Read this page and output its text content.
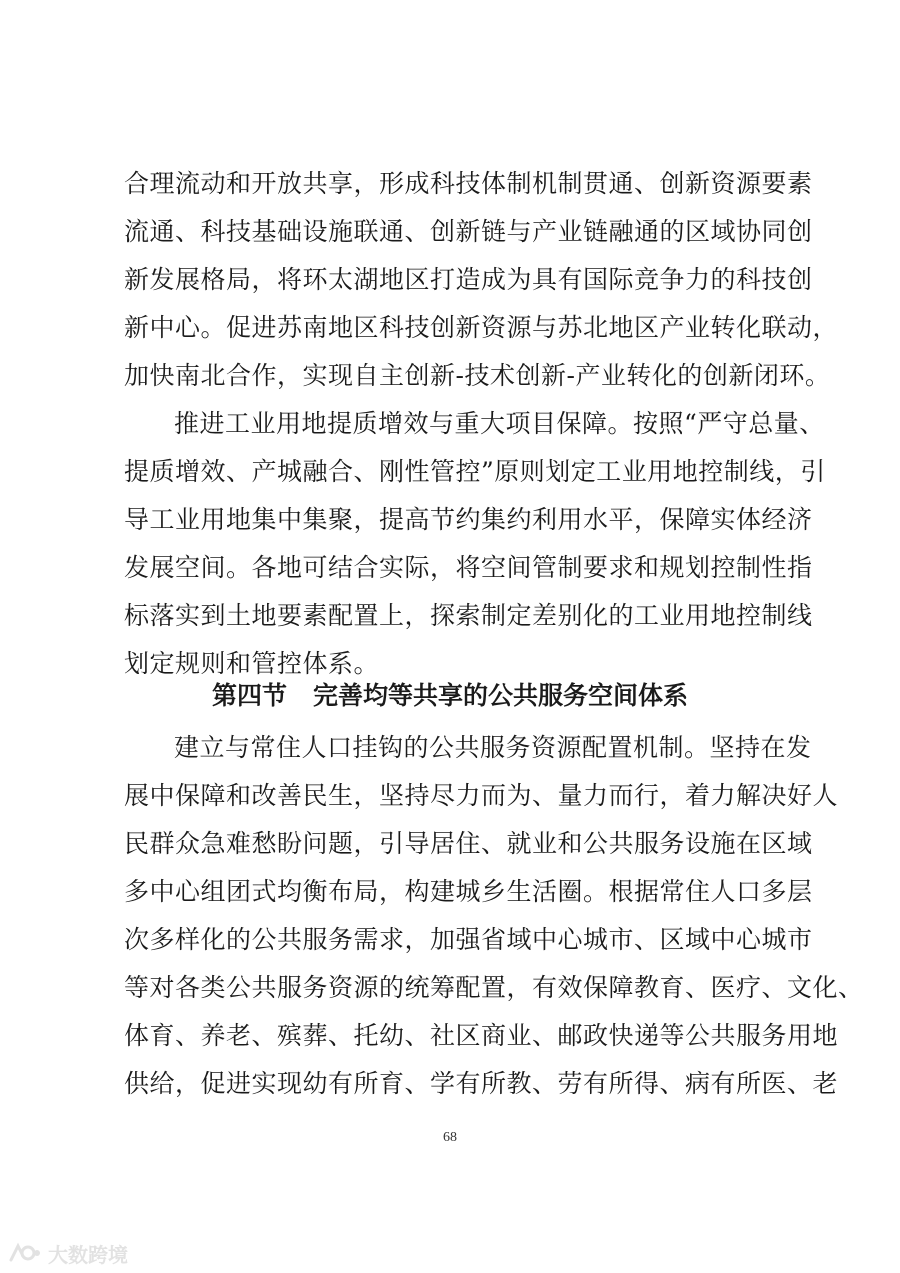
合理流动和开放共享，形成科技体制机制贯通、创新资源要素
流通、科技基础设施联通、创新链与产业链融通的区域协同创
新发展格局，将环太湖地区打造成为具有国际竞争力的科技创
新中心。促进苏南地区科技创新资源与苏北地区产业转化联动，
加快南北合作，实现自主创新-技术创新-产业转化的创新闭环。
推进工业用地提质增效与重大项目保障。按照“严守总量、
提质增效、产城融合、刚性管控”原则划定工业用地控制线，引
导工业用地集中集聚，提高节约集约利用水平，保障实体经济
发展空间。各地可结合实际，将空间管制要求和规划控制性指
标落实到土地要素配置上，探索制定差别化的工业用地控制线
划定规则和管控体系。
第四节 完善均等共享的公共服务空间体系
建立与常住人口挂钩的公共服务资源配置机制。坚持在发
展中保障和改善民生，坚持尽力而为、量力而行，着力解决好人
民群众急难愁盼问题，引导居住、就业和公共服务设施在区域
多中心组团式均衡布局，构建城乡生活圈。根据常住人口多层
次多样化的公共服务需求，加强省域中心城市、区域中心城市
等对各类公共服务资源的统筹配置，有效保障教育、医疗、文化、
体育、养老、殡葬、托幼、社区商业、邮政快递等公共服务用地
供给，促进实现幼有所育、学有所教、劳有所得、病有所医、老
68
大数跨境
